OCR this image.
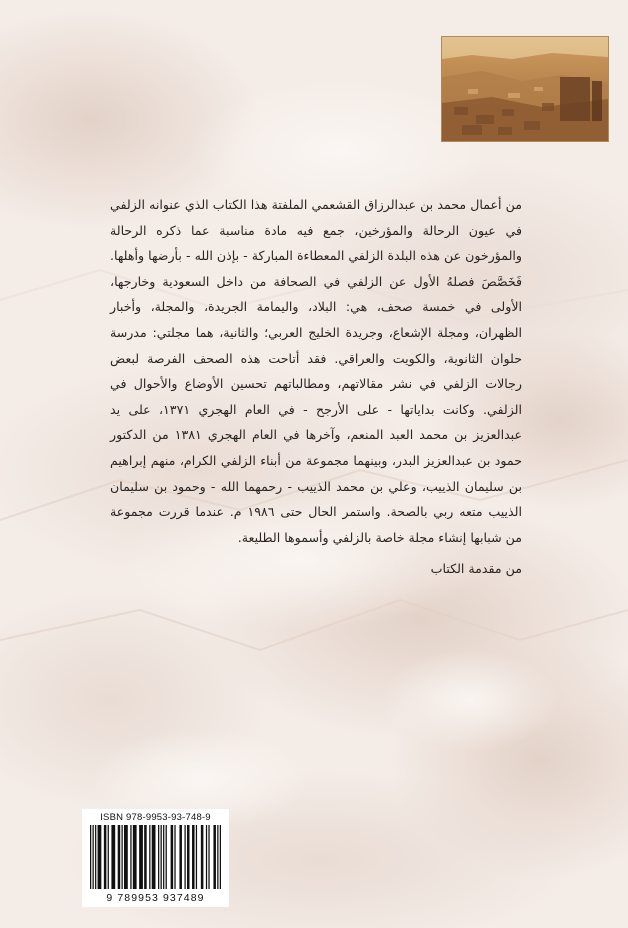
من أعمال محمد بن عبدالرزاق القشعمي الملفتة هذا الكتاب الذي عنوانه الزلفي في عيون الرحالة والمؤرخين، جمع فيه مادة مناسبة عما ذكره الرحالة والمؤرخون عن هذه البلدة الزلفي المعطاءة المباركة - بإذن الله - بأرضها وأهلها. فَخَصَّصَ فصلهُ الأول عن الزلفي في الصحافة من داخل السعودية وخارجها، الأولى في خمسة صحف، هي: البلاد، واليمامة الجريدة، والمجلة، وأخبار الظهران، ومجلة الإشعاع، وجريدة الخليج العربي؛ والثانية، هما مجلتي: مدرسة حلوان الثانوية، والكويت والعراقي. فقد أتاحت هذه الصحف الفرصة لبعض رجالات الزلفي في نشر مقالاتهم، ومطالباتهم تحسين الأوضاع والأحوال في الزلفي. وكانت بداياتها - على الأرجح - في العام الهجري ١٣٧١، على يد عبدالعزيز بن محمد العبد المنعم، وآخرها في العام الهجري ١٣٨١ من الدكتور حمود بن عبدالعزيز البدر، وبينهما مجموعة من أبناء الزلفي الكرام، منهم إبراهيم بن سليمان الذييب، وعلي بن محمد الذييب - رحمهما الله - وحمود بن سليمان الذييب متعه ربي بالصحة. واستمر الحال حتى ١٩٨٦ م. عندما قررت مجموعة من شبابها إنشاء مجلة خاصة بالزلفي وأسموها الطليعة.
من مقدمة الكتاب
ISBN 978-9953-93-748-9
9 789953 937489
